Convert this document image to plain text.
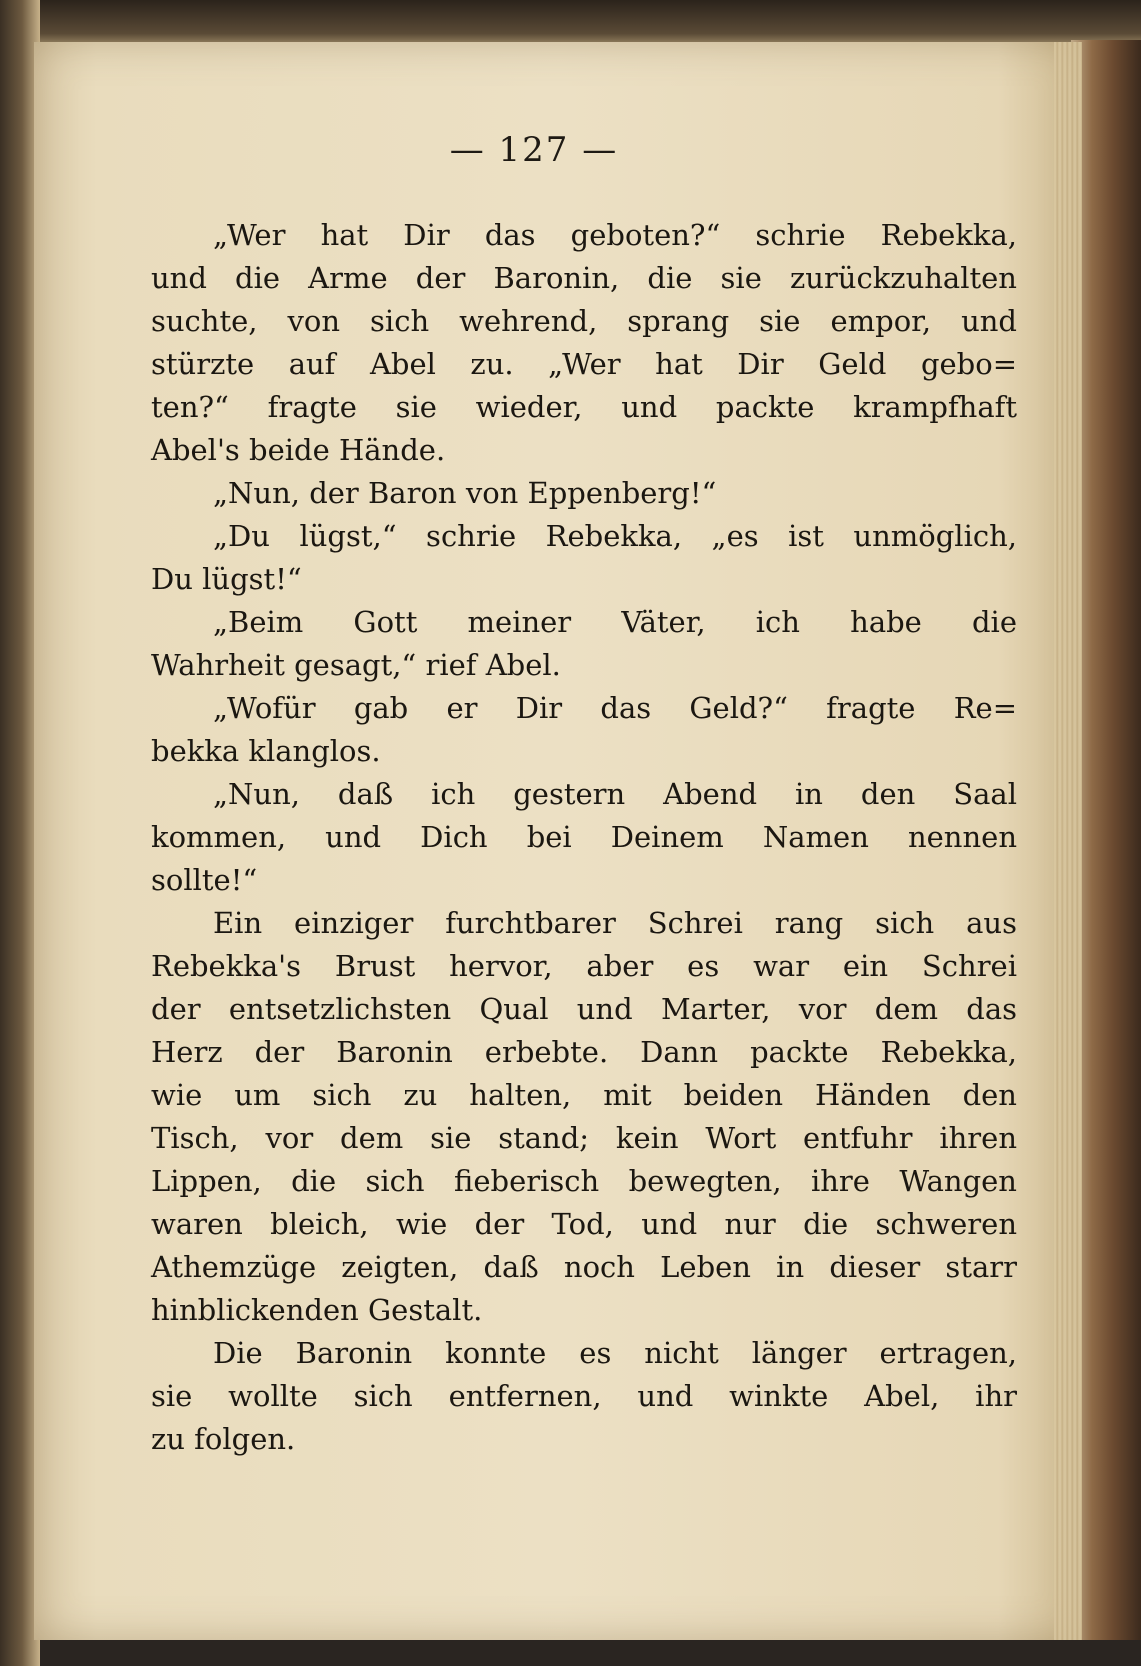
— 127 —

„Wer hat Dir das geboten?“ schrie Rebekka,
und die Arme der Baronin, die sie zurückzuhalten
suchte, von sich wehrend, sprang sie empor, und
stürzte auf Abel zu. „Wer hat Dir Geld gebo=
ten?“ fragte sie wieder, und packte krampfhaft
Abel's beide Hände.
„Nun, der Baron von Eppenberg!“
„Du lügst,“ schrie Rebekka, „es ist unmöglich,
Du lügst!“
„Beim Gott meiner Väter, ich habe die
Wahrheit gesagt,“ rief Abel.
„Wofür gab er Dir das Geld?“ fragte Re=
bekka klanglos.
„Nun, daß ich gestern Abend in den Saal
kommen, und Dich bei Deinem Namen nennen
sollte!“
Ein einziger furchtbarer Schrei rang sich aus
Rebekka's Brust hervor, aber es war ein Schrei
der entsetzlichsten Qual und Marter, vor dem das
Herz der Baronin erbebte. Dann packte Rebekka,
wie um sich zu halten, mit beiden Händen den
Tisch, vor dem sie stand; kein Wort entfuhr ihren
Lippen, die sich fieberisch bewegten, ihre Wangen
waren bleich, wie der Tod, und nur die schweren
Athemzüge zeigten, daß noch Leben in dieser starr
hinblickenden Gestalt.
Die Baronin konnte es nicht länger ertragen,
sie wollte sich entfernen, und winkte Abel, ihr
zu folgen.
